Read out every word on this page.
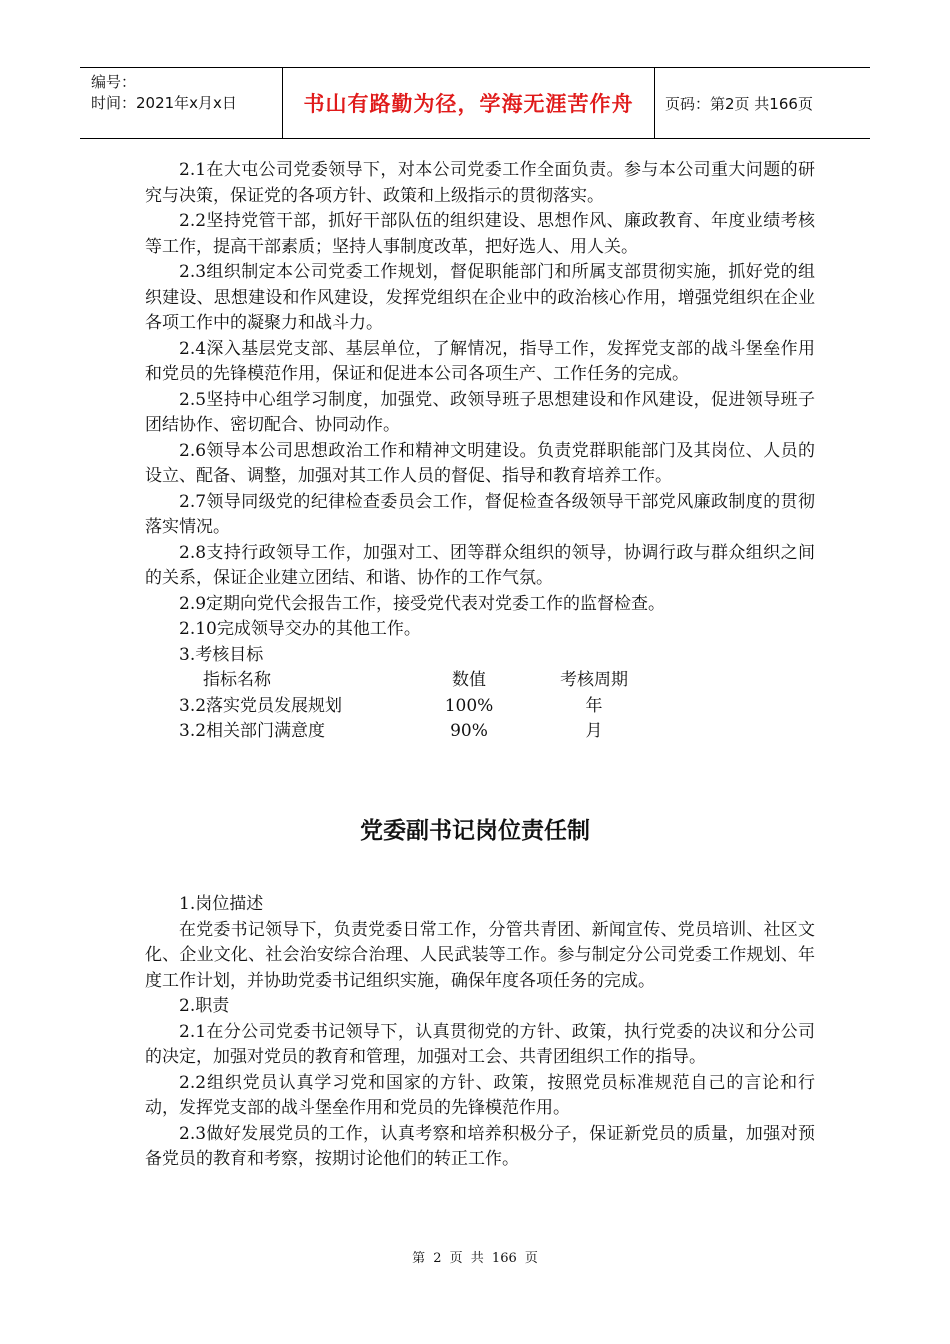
编号：
时间：2021年x月x日	书山有路勤为径，学海无涯苦作舟	页码：第2页 共166页

2.1在大屯公司党委领导下，对本公司党委工作全面负责。参与本公司重大问题的研究与决策，保证党的各项方针、政策和上级指示的贯彻落实。

2.2坚持党管干部，抓好干部队伍的组织建设、思想作风、廉政教育、年度业绩考核等工作，提高干部素质；坚持人事制度改革，把好选人、用人关。

2.3组织制定本公司党委工作规划，督促职能部门和所属支部贯彻实施，抓好党的组织建设、思想建设和作风建设，发挥党组织在企业中的政治核心作用，增强党组织在企业各项工作中的凝聚力和战斗力。

2.4深入基层党支部、基层单位，了解情况，指导工作，发挥党支部的战斗堡垒作用和党员的先锋模范作用，保证和促进本公司各项生产、工作任务的完成。

2.5坚持中心组学习制度，加强党、政领导班子思想建设和作风建设，促进领导班子团结协作、密切配合、协同动作。

2.6领导本公司思想政治工作和精神文明建设。负责党群职能部门及其岗位、人员的设立、配备、调整，加强对其工作人员的督促、指导和教育培养工作。

2.7领导同级党的纪律检查委员会工作，督促检查各级领导干部党风廉政制度的贯彻落实情况。

2.8支持行政领导工作，加强对工、团等群众组织的领导，协调行政与群众组织之间的关系，保证企业建立团结、和谐、协作的工作气氛。

2.9定期向党代会报告工作，接受党代表对党委工作的监督检查。

2.10完成领导交办的其他工作。

3.考核目标

指标名称	数值	考核周期
3.2落实党员发展规划	100%	年
3.2相关部门满意度	90%	月
党委副书记岗位责任制

1.岗位描述

在党委书记领导下，负责党委日常工作，分管共青团、新闻宣传、党员培训、社区文化、企业文化、社会治安综合治理、人民武装等工作。参与制定分公司党委工作规划、年度工作计划，并协助党委书记组织实施，确保年度各项任务的完成。

2.职责

2.1在分公司党委书记领导下，认真贯彻党的方针、政策，执行党委的决议和分公司的决定，加强对党员的教育和管理，加强对工会、共青团组织工作的指导。

2.2组织党员认真学习党和国家的方针、政策，按照党员标准规范自己的言论和行动，发挥党支部的战斗堡垒作用和党员的先锋模范作用。

2.3做好发展党员的工作，认真考察和培养积极分子，保证新党员的质量，加强对预备党员的教育和考察，按期讨论他们的转正工作。

第 2 页 共 166 页
